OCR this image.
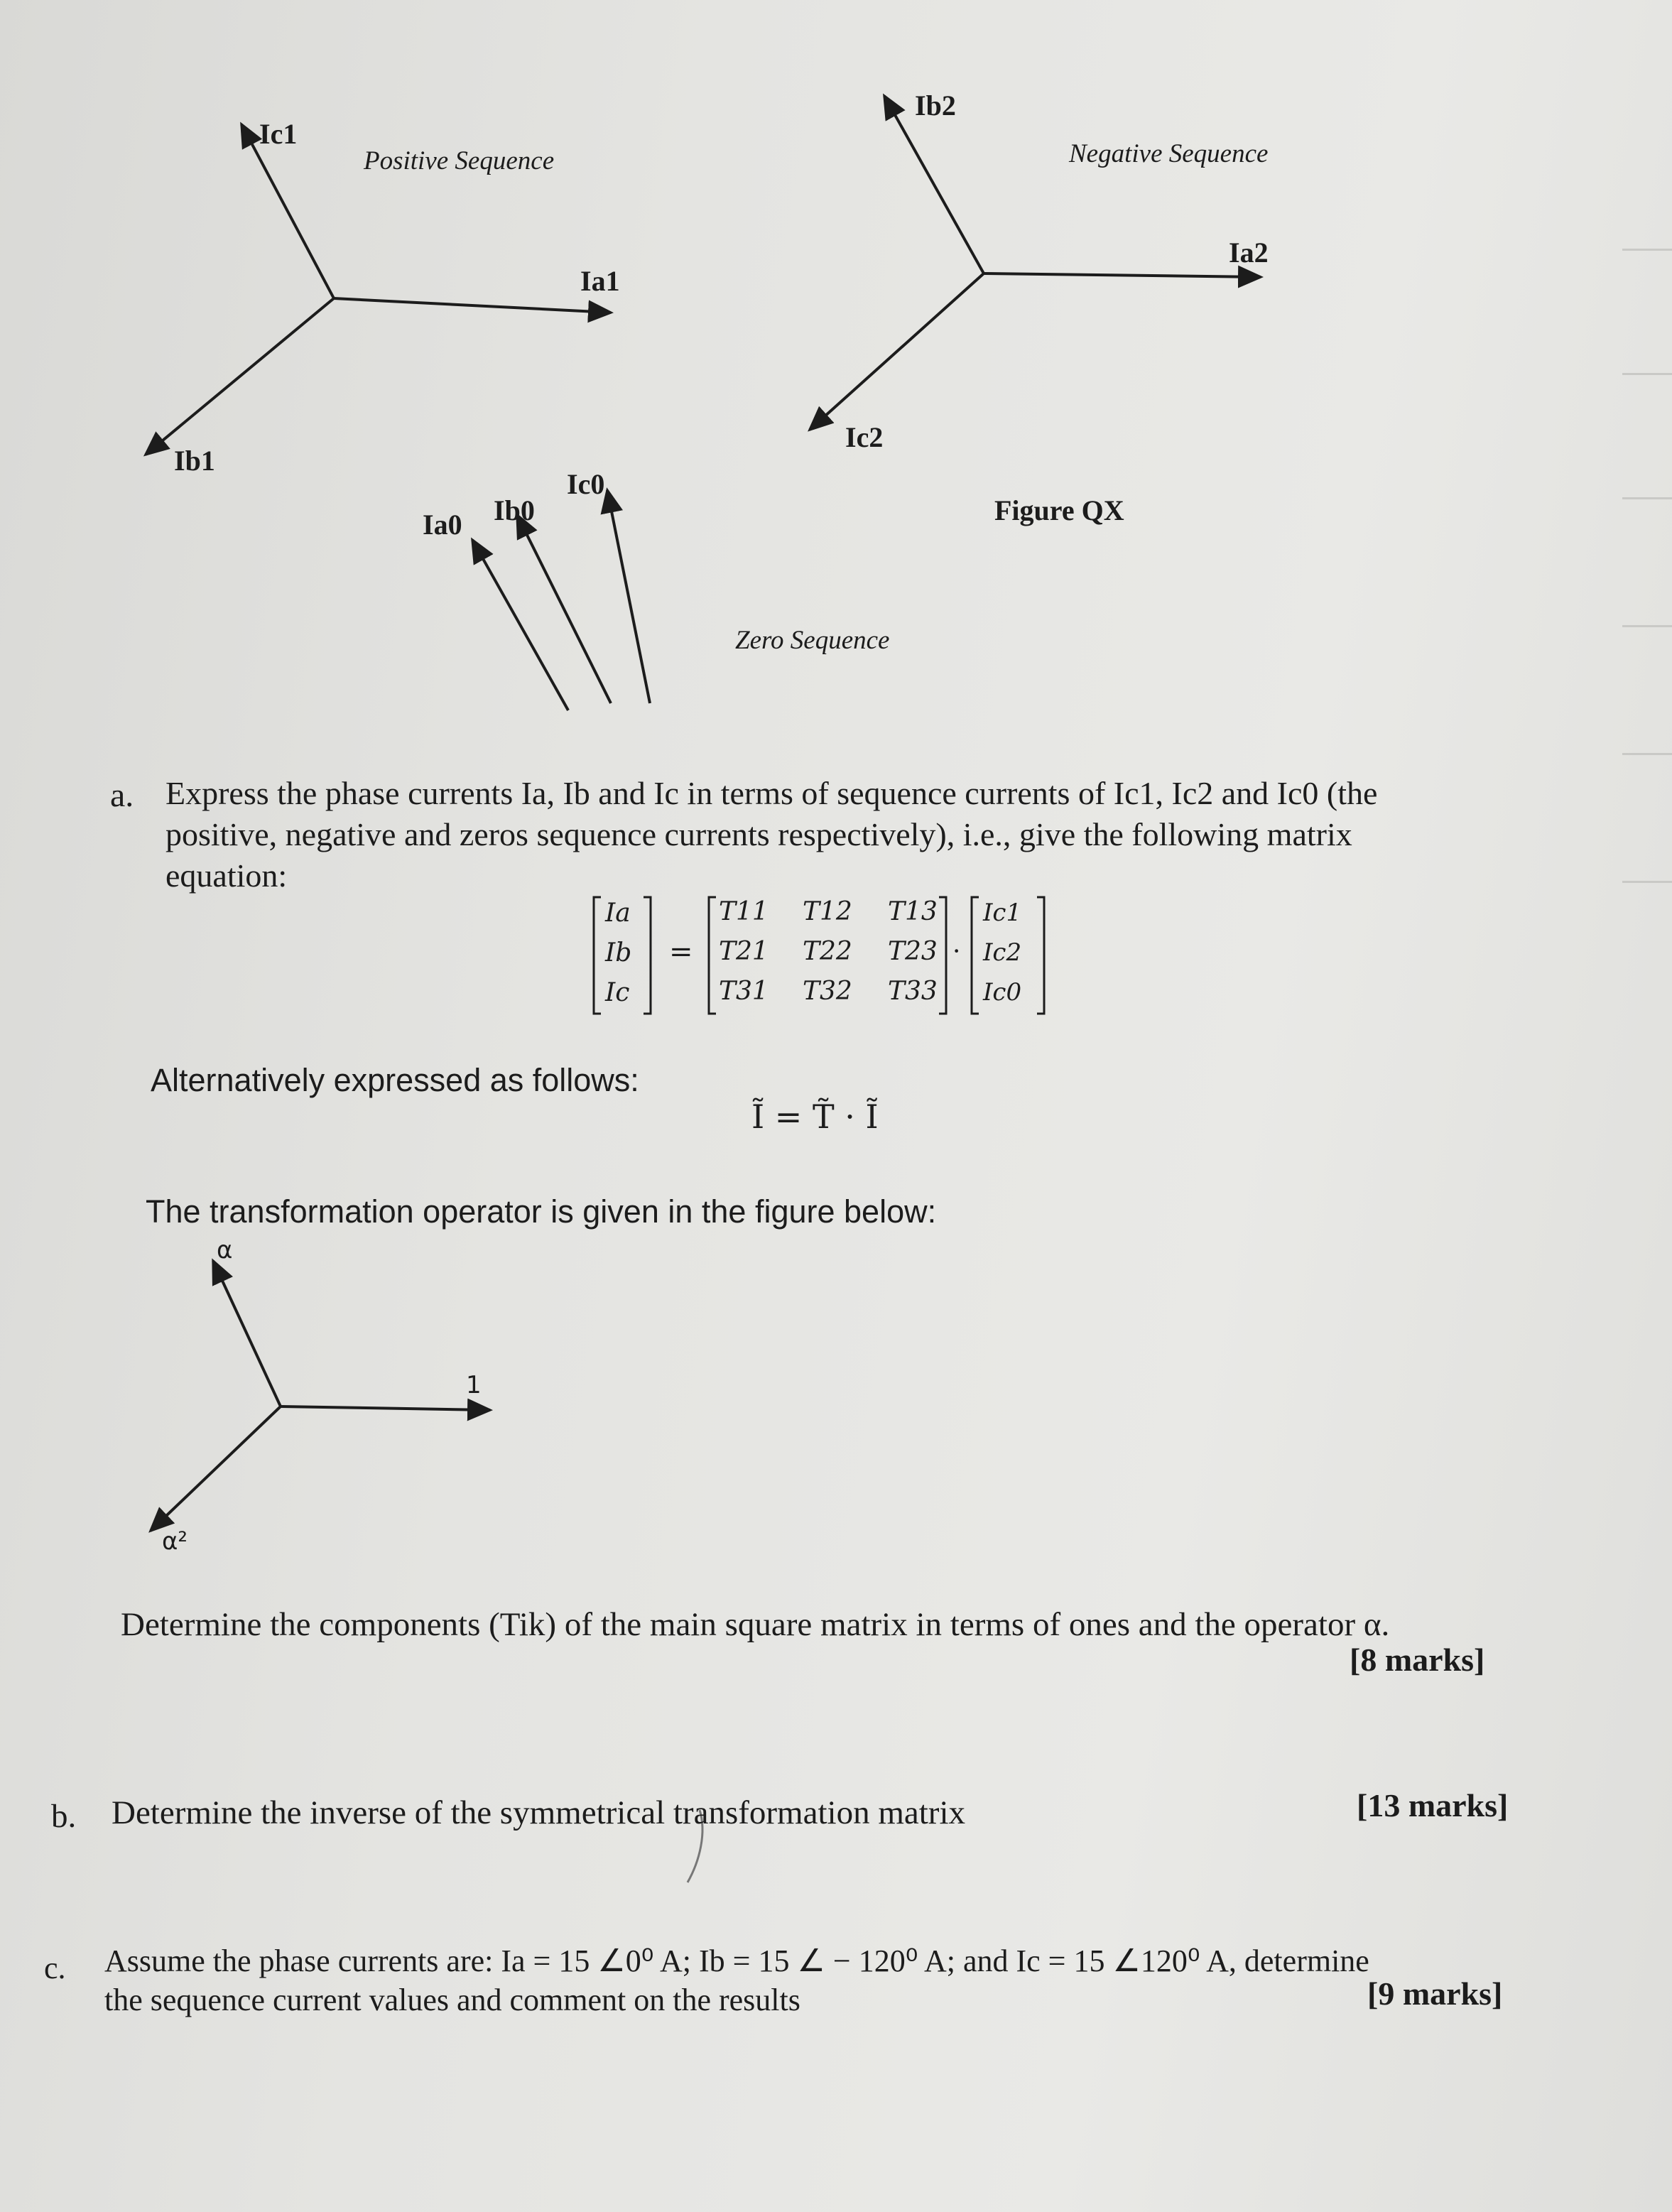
Ic1
Positive Sequence
Ia1
Ib1
Ib2
Negative Sequence
Ia2
Ic2
Ia0 Ib0
Ic0
Zero Sequence
Figure QX
a. Express the phase currents Ia, Ib and Ic in terms of sequence currents of Ic1, Ic2 and Ic0 (the
positive, negative and zeros sequence currents respectively), i.e., give the following matrix
equation:
Ia
Ib
Ic
=
T11 T12 T13
T21 T22 T23
T31 T32 T33
·
Ic1
Ic2
Ic0
Alternatively expressed as follows:
Ĩ = T̃ · Ĩ
The transformation operator is given in the figure below:
α
1
α²
Determine the components (Tik) of the main square matrix in terms of ones and the operator α.
[8 marks]
b. Determine the inverse of the symmetrical transformation matrix	[13 marks]
c. Assume the phase currents are: Ia = 15 ∠0⁰ A; Ib = 15 ∠ − 120⁰ A; and Ic = 15 ∠120⁰ A, determine
the sequence current values and comment on the results	[9 marks]
